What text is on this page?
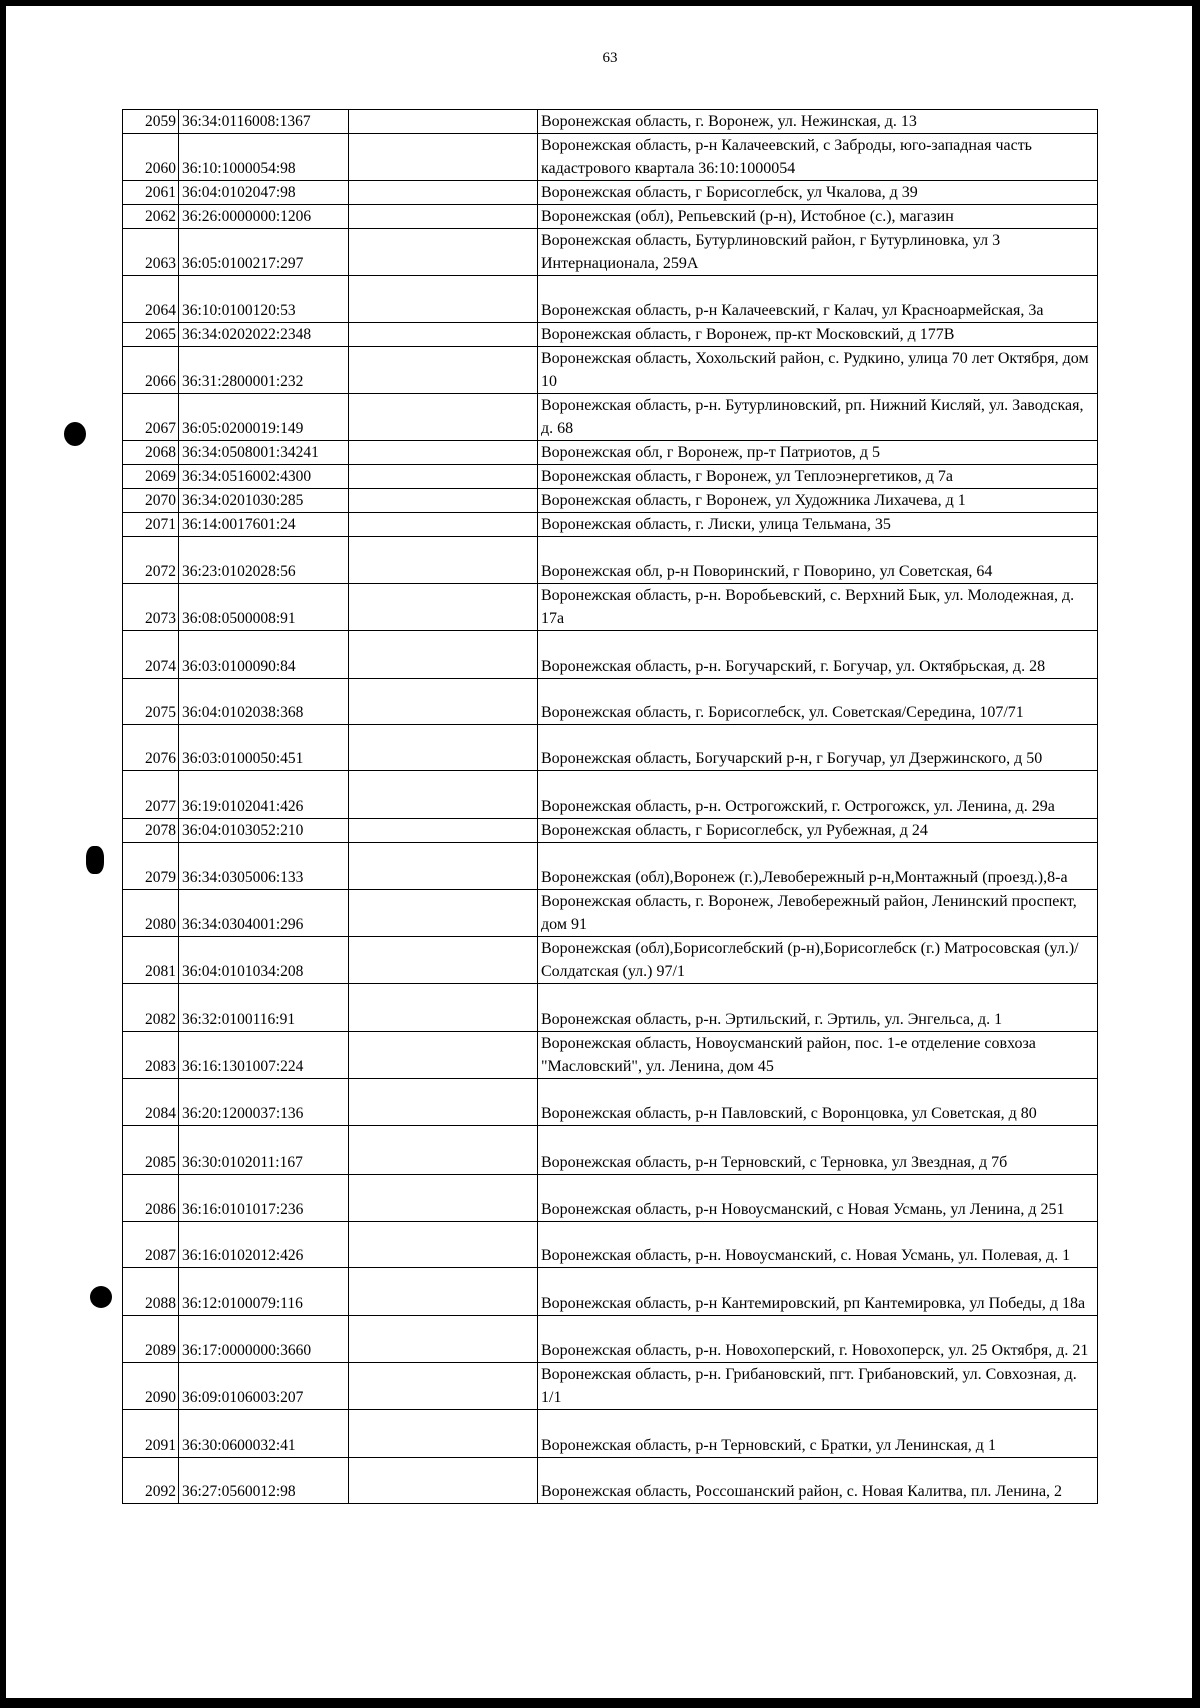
63
2059	36:34:0116008:1367		Воронежская область, г. Воронеж, ул. Нежинская, д. 13
2060	36:10:1000054:98		Воронежская область, р-н Калачеевский, с Заброды, юго-западная часть кадастрового квартала 36:10:1000054
2061	36:04:0102047:98		Воронежская область, г Борисоглебск, ул Чкалова, д 39
2062	36:26:0000000:1206		Воронежская (обл), Репьевский (р-н), Истобное (с.), магазин
2063	36:05:0100217:297		Воронежская область, Бутурлиновский район, г Бутурлиновка, ул 3 Интернационала, 259А
2064	36:10:0100120:53		Воронежская область, р-н Калачеевский, г Калач, ул Красноармейская, 3а
2065	36:34:0202022:2348		Воронежская область, г Воронеж, пр-кт Московский, д 177В
2066	36:31:2800001:232		Воронежская область, Хохольский район, с. Рудкино, улица 70 лет Октября, дом 10
2067	36:05:0200019:149		Воронежская область, р-н. Бутурлиновский, рп. Нижний Кисляй, ул. Заводская, д. 68
2068	36:34:0508001:34241		Воронежская обл, г Воронеж, пр-т Патриотов, д 5
2069	36:34:0516002:4300		Воронежская область, г Воронеж, ул Теплоэнергетиков, д 7а
2070	36:34:0201030:285		Воронежская область, г Воронеж, ул Художника Лихачева, д 1
2071	36:14:0017601:24		Воронежская область, г. Лиски, улица Тельмана, 35
2072	36:23:0102028:56		Воронежская обл, р-н Поворинский, г Поворино, ул Советская, 64
2073	36:08:0500008:91		Воронежская область, р-н. Воробьевский, с. Верхний Бык, ул. Молодежная, д. 17а
2074	36:03:0100090:84		Воронежская область, р-н. Богучарский, г. Богучар, ул. Октябрьская, д. 28
2075	36:04:0102038:368		Воронежская область, г. Борисоглебск, ул. Советская/Середина, 107/71
2076	36:03:0100050:451		Воронежская область, Богучарский р-н, г Богучар, ул Дзержинского, д 50
2077	36:19:0102041:426		Воронежская область, р-н. Острогожский, г. Острогожск, ул. Ленина, д. 29а
2078	36:04:0103052:210		Воронежская область, г Борисоглебск, ул Рубежная, д 24
2079	36:34:0305006:133		Воронежская (обл),Воронеж (г.),Левобережный р-н,Монтажный (проезд.),8-а
2080	36:34:0304001:296		Воронежская область, г. Воронеж, Левобережный район, Ленинский проспект, дом 91
2081	36:04:0101034:208		Воронежская (обл),Борисоглебский (р-н),Борисоглебск (г.) Матросовская (ул.)/Солдатская (ул.) 97/1
2082	36:32:0100116:91		Воронежская область, р-н. Эртильский, г. Эртиль, ул. Энгельса, д. 1
2083	36:16:1301007:224		Воронежская область, Новоусманский район, пос. 1-е отделение совхоза "Масловский", ул. Ленина, дом 45
2084	36:20:1200037:136		Воронежская область, р-н Павловский, с Воронцовка, ул Советская, д 80
2085	36:30:0102011:167		Воронежская область, р-н Терновский, с Терновка, ул Звездная, д 7б
2086	36:16:0101017:236		Воронежская область, р-н Новоусманский, с Новая Усмань, ул Ленина, д 251
2087	36:16:0102012:426		Воронежская область, р-н. Новоусманский, с. Новая Усмань, ул. Полевая, д. 1
2088	36:12:0100079:116		Воронежская область, р-н Кантемировский, рп Кантемировка, ул Победы, д 18а
2089	36:17:0000000:3660		Воронежская область, р-н. Новохоперский, г. Новохоперск, ул. 25 Октября, д. 21
2090	36:09:0106003:207		Воронежская область, р-н. Грибановский, пгт. Грибановский, ул. Совхозная, д. 1/1
2091	36:30:0600032:41		Воронежская область, р-н Терновский, с Братки, ул Ленинская, д 1
2092	36:27:0560012:98		Воронежская область, Россошанский район, с. Новая Калитва, пл. Ленина, 2
